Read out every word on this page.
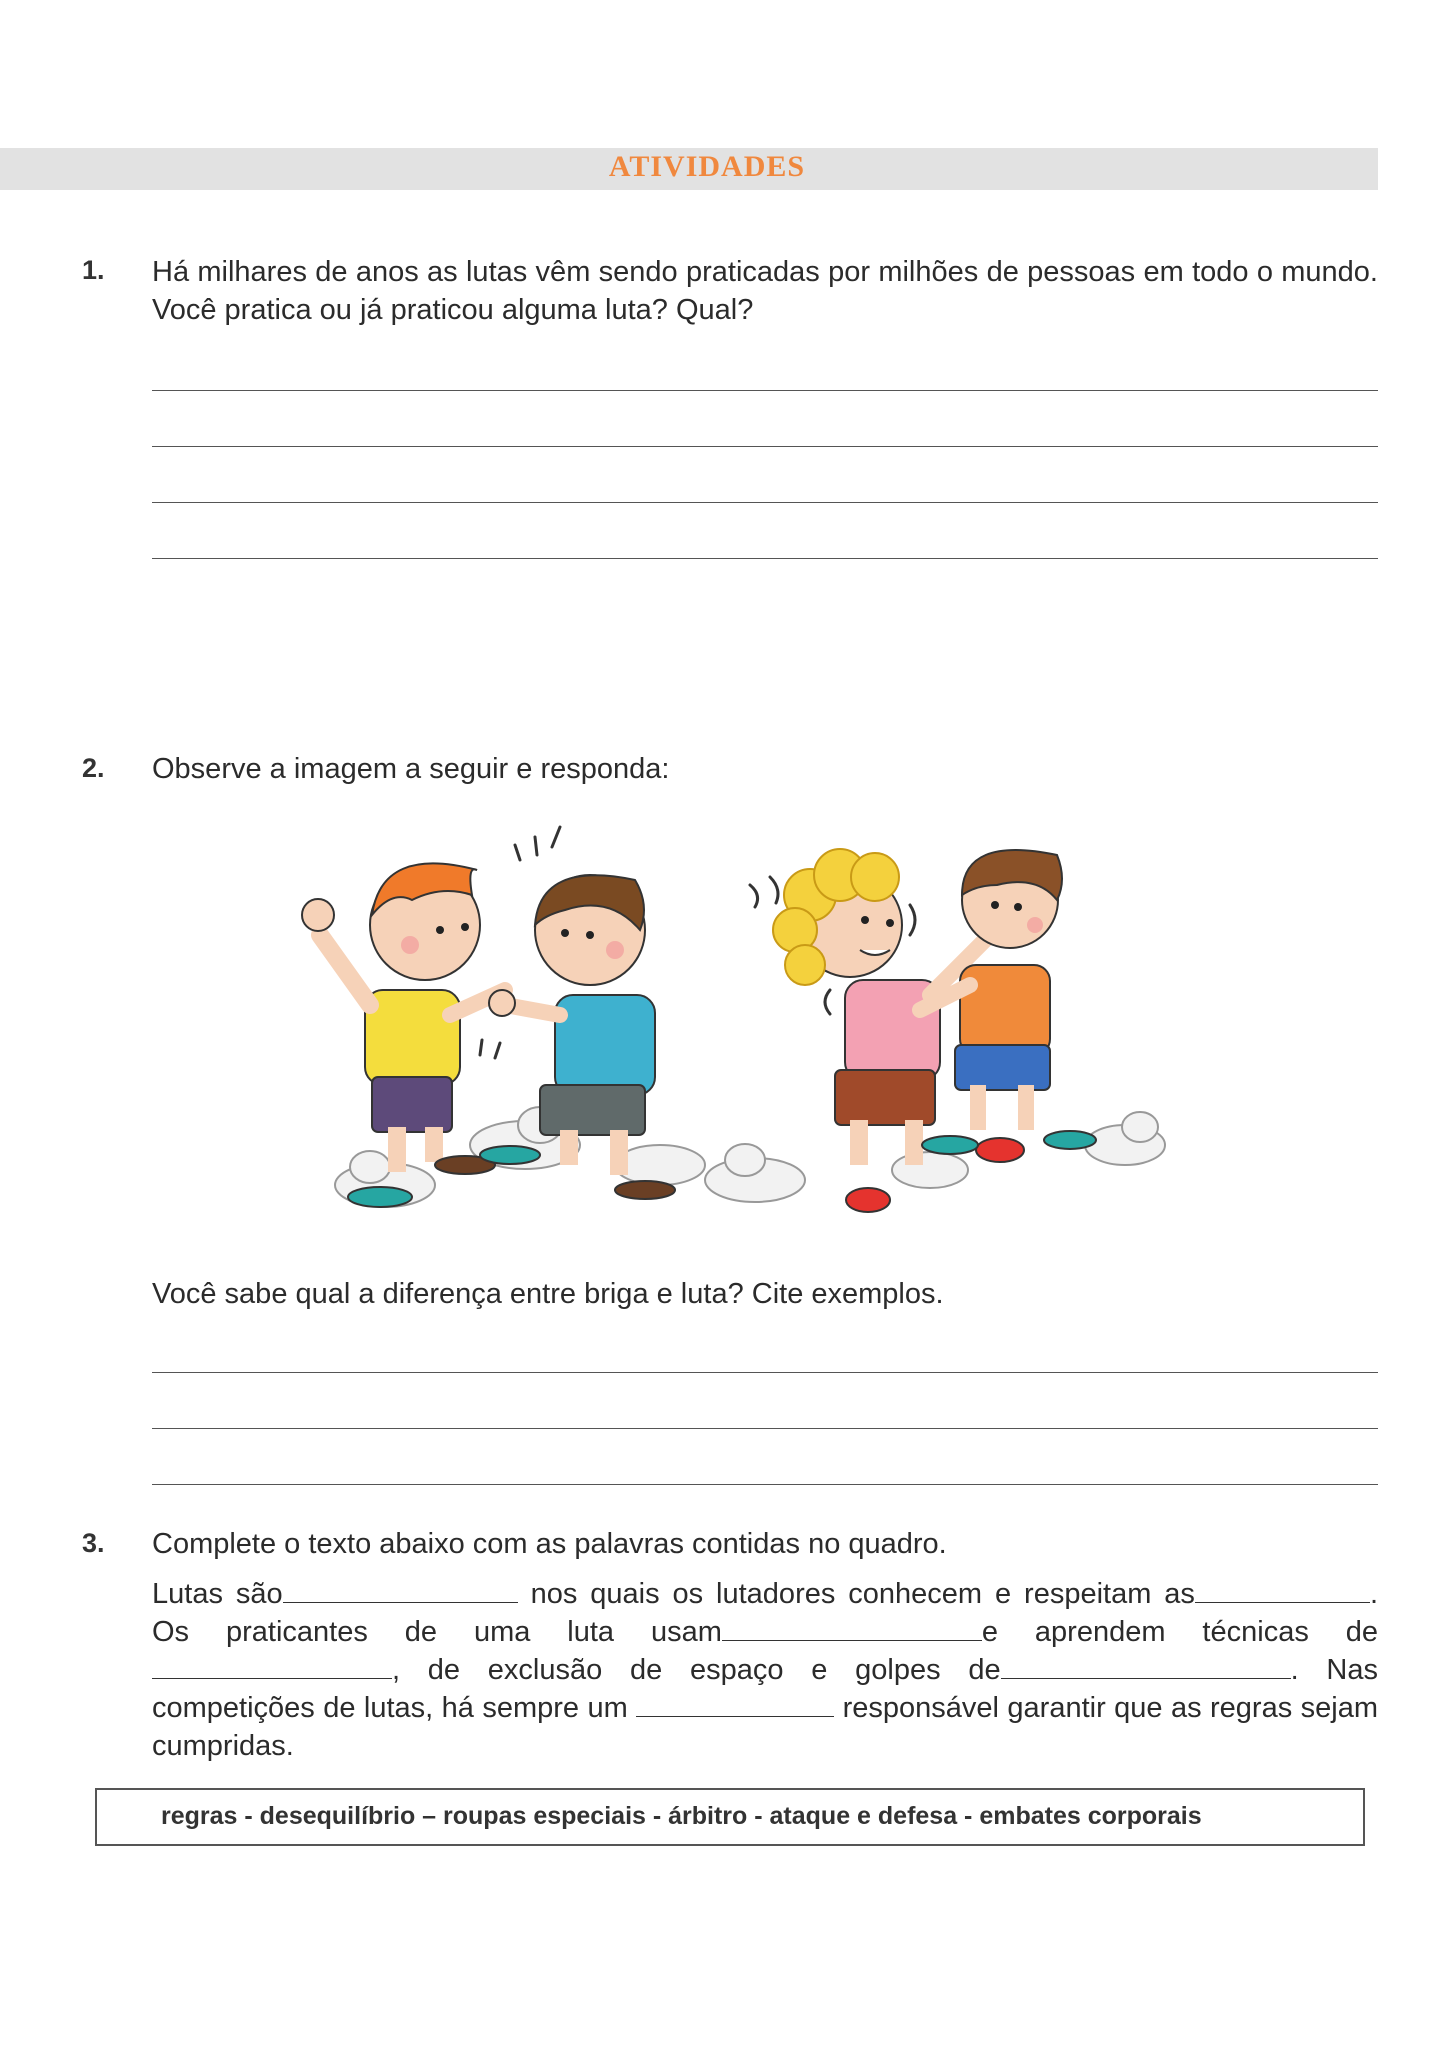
ATIVIDADES
1. Há milhares de anos as lutas vêm sendo praticadas por milhões de pessoas em todo o mundo. Você pratica ou já praticou alguma luta? Qual?
2. Observe a imagem a seguir e responda:
Você sabe qual a diferença entre briga e luta? Cite exemplos.
3. Complete o texto abaixo com as palavras contidas no quadro.
Lutas são	nos quais os lutadores conhecem e respeitam as	. Os praticantes de uma luta usam	e aprendem técnicas de, de exclusão de espaço e golpes de	. Nas competições de lutas, há sempre um	responsável garantir que as regras sejam cumpridas.
regras - desequilíbrio – roupas especiais - árbitro - ataque e defesa - embates corporais
